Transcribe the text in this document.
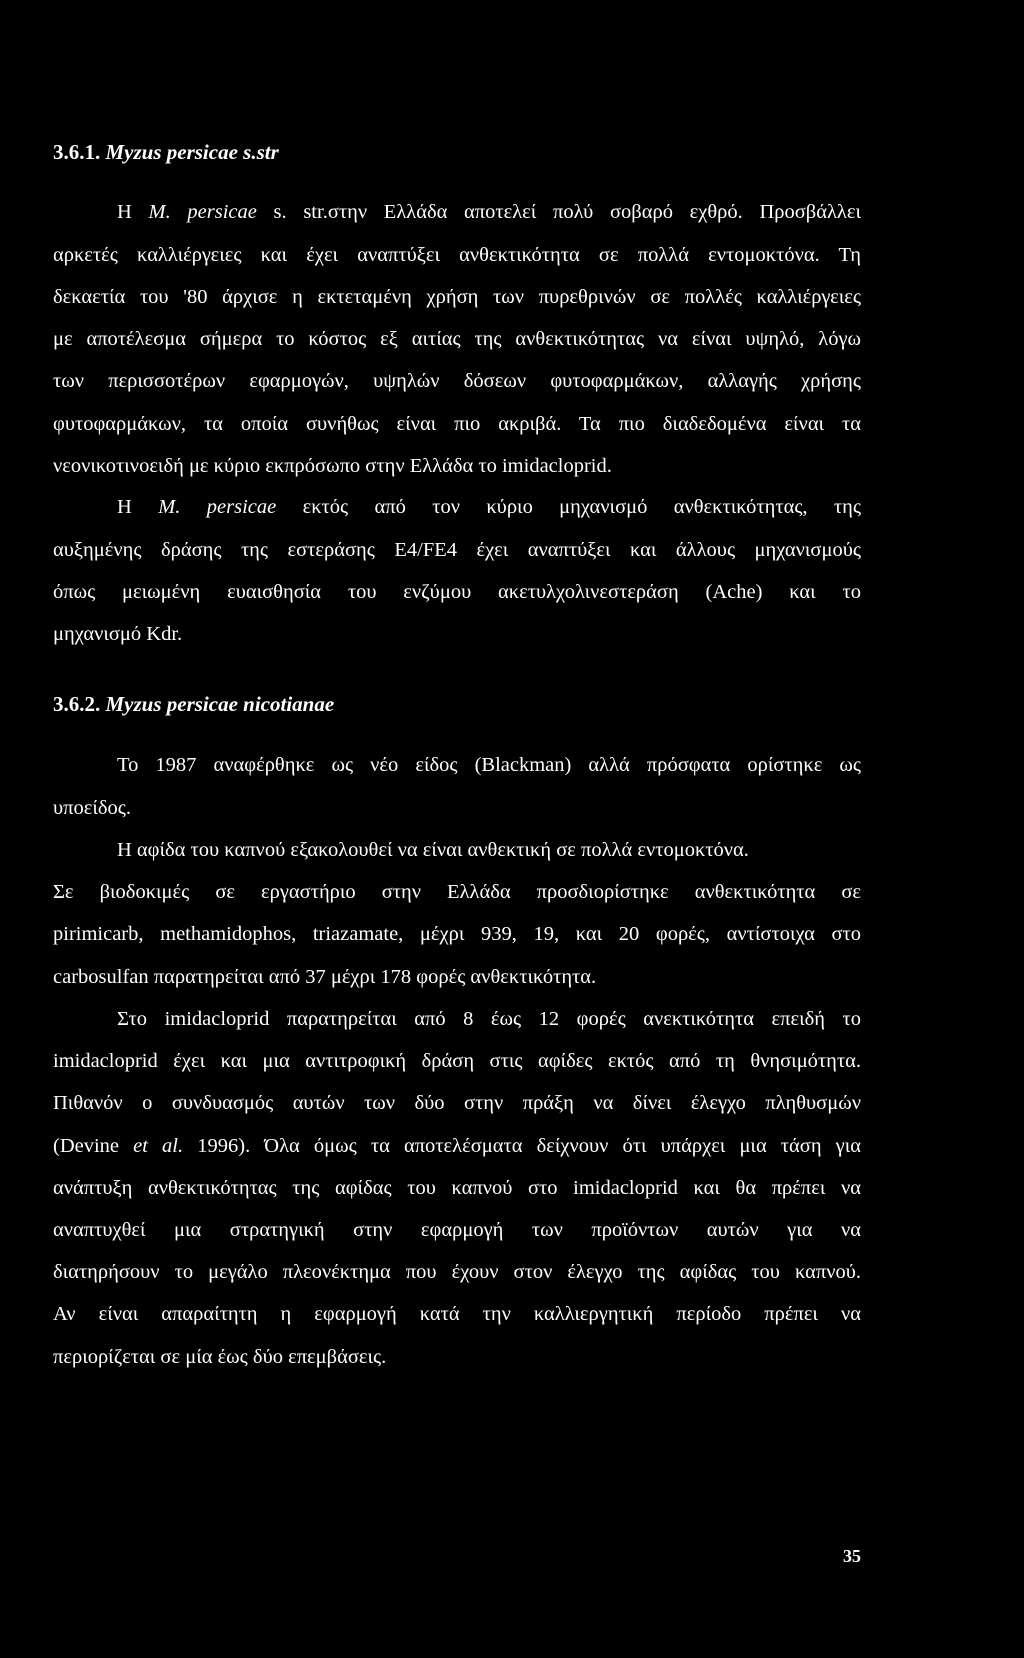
3.6.1. Myzus persicae s.str
Η M. persicae s. str.στην Ελλάδα αποτελεί πολύ σοβαρό εχθρό. Προσβάλλει
αρκετές καλλιέργειες και έχει αναπτύξει ανθεκτικότητα σε πολλά εντομοκτόνα. Τη
δεκαετία του '80 άρχισε η εκτεταμένη χρήση των πυρεθρινών σε πολλές καλλιέργειες
με αποτέλεσμα σήμερα το κόστος εξ αιτίας της ανθεκτικότητας να είναι υψηλό, λόγω
των περισσοτέρων εφαρμογών, υψηλών δόσεων φυτοφαρμάκων, αλλαγής χρήσης
φυτοφαρμάκων, τα οποία συνήθως είναι πιο ακριβά. Τα πιο διαδεδομένα είναι τα
νεονικοτινοειδή με κύριο εκπρόσωπο στην Ελλάδα το imidacloprid.
Η M. persicae εκτός από τον κύριο μηχανισμό ανθεκτικότητας, της
αυξημένης δράσης της εστεράσης E4/FE4 έχει αναπτύξει και άλλους μηχανισμούς
όπως μειωμένη ευαισθησία του ενζύμου ακετυλχολινεστεράση (Ache) και το
μηχανισμό Kdr.
3.6.2. Myzus persicae nicotianae
Το 1987 αναφέρθηκε ως νέο είδος (Blackman) αλλά πρόσφατα ορίστηκε ως
υποείδος.
Η αφίδα του καπνού εξακολουθεί να είναι ανθεκτική σε πολλά εντομοκτόνα.
Σε βιοδοκιμές σε εργαστήριο στην Ελλάδα προσδιορίστηκε ανθεκτικότητα σε
pirimicarb, methamidophos, triazamate, μέχρι 939, 19, και 20 φορές, αντίστοιχα στο
carbosulfan παρατηρείται από 37 μέχρι 178 φορές ανθεκτικότητα.
Στο imidacloprid παρατηρείται από 8 έως 12 φορές ανεκτικότητα επειδή το
imidacloprid έχει και μια αντιτροφική δράση στις αφίδες εκτός από τη θνησιμότητα.
Πιθανόν ο συνδυασμός αυτών των δύο στην πράξη να δίνει έλεγχο πληθυσμών
(Devine et al. 1996). Όλα όμως τα αποτελέσματα δείχνουν ότι υπάρχει μια τάση για
ανάπτυξη ανθεκτικότητας της αφίδας του καπνού στο imidacloprid και θα πρέπει να
αναπτυχθεί μια στρατηγική στην εφαρμογή των προϊόντων αυτών για να
διατηρήσουν το μεγάλο πλεονέκτημα που έχουν στον έλεγχο της αφίδας του καπνού.
Αν είναι απαραίτητη η εφαρμογή κατά την καλλιεργητική περίοδο πρέπει να
περιορίζεται σε μία έως δύο επεμβάσεις.
35
